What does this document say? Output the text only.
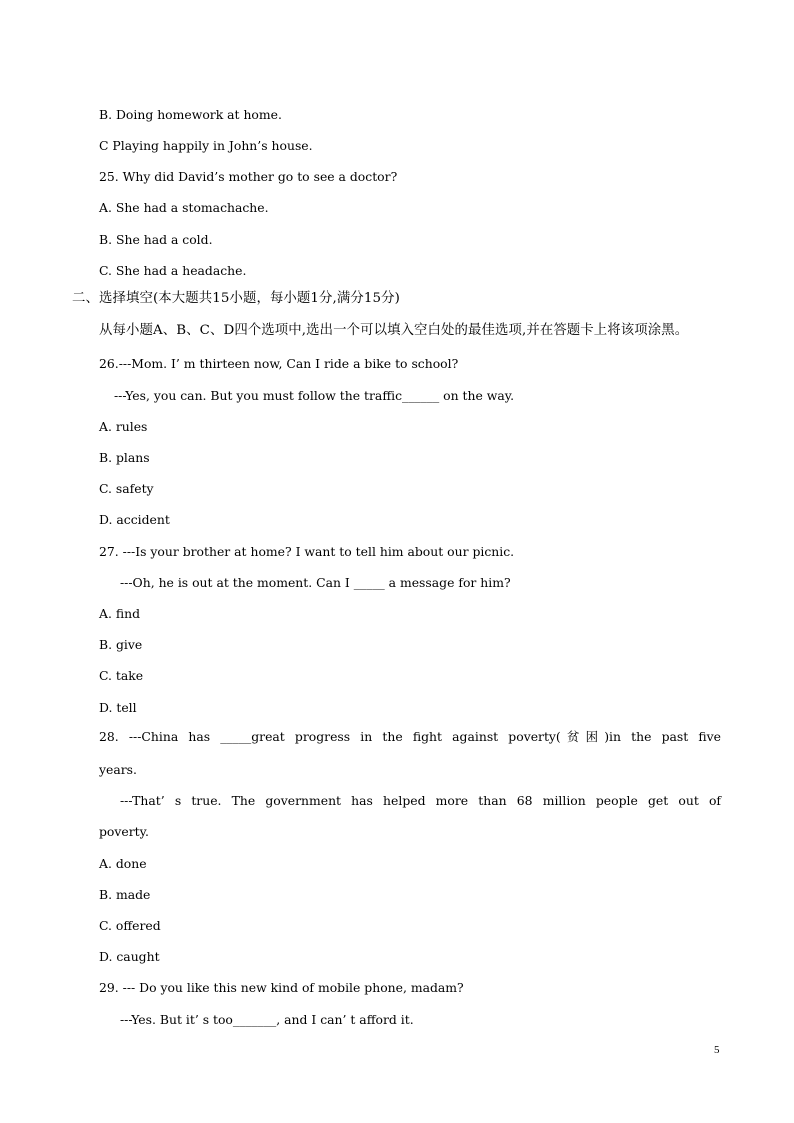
B. Doing homework at home.
C Playing happily in John’s house.
25. Why did David’s mother go to see a doctor?
A. She had a stomachache.
B. She had a cold.
C. She had a headache.
二、选择填空(本大题共15小题，每小题1分,满分15分)
从每小题A、B、C、D四个选项中,选出一个可以填入空白处的最佳选项,并在答题卡上将该项涂黑。
26.---Mom. I’ m thirteen now, Can I ride a bike to school?
---Yes, you can. But you must follow the traffic______ on the way.
A. rules
B. plans
C. safety
D. accident
27. ---Is your brother at home? I want to tell him about our picnic.
---Oh, he is out at the moment. Can I _____ a message for him?
A. find
B. give
C. take
D. tell
28. ---China has _____great progress in the fight against poverty(贫困)in the past five
years.
---That’ s true. The government has helped more than 68 million people get out of
poverty.
A. done
B. made
C. offered
D. caught
29. --- Do you like this new kind of mobile phone, madam?
---Yes. But it’ s too_______, and I can’ t afford it.
5
